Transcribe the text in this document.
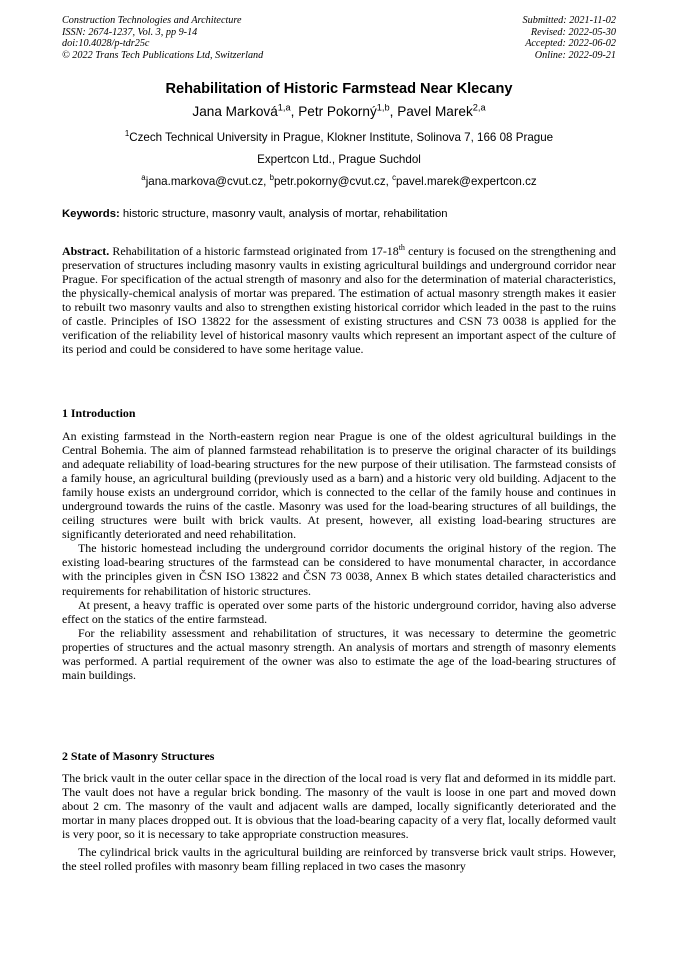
Construction Technologies and Architecture
ISSN: 2674-1237, Vol. 3, pp 9-14
doi:10.4028/p-tdr25c
© 2022 Trans Tech Publications Ltd, Switzerland
Submitted: 2021-11-02
Revised: 2022-05-30
Accepted: 2022-06-02
Online: 2022-09-21
Rehabilitation of Historic Farmstead Near Klecany
Jana Marková$^{1,a}$, Petr Pokorný$^{1,b}$, Pavel Marek$^{2,a}$
$^1$Czech Technical University in Prague, Klokner Institute, Solinova 7, 166 08 Prague
Expertcon Ltd., Prague Suchdol
$^a$jana.markova@cvut.cz, $^b$petr.pokorny@cvut.cz, $^c$pavel.marek@expertcon.cz
Keywords: historic structure, masonry vault, analysis of mortar, rehabilitation
Abstract. Rehabilitation of a historic farmstead originated from 17-18th century is focused on the strengthening and preservation of structures including masonry vaults in existing agricultural buildings and underground corridor near Prague. For specification of the actual strength of masonry and also for the determination of material characteristics, the physically-chemical analysis of mortar was prepared. The estimation of actual masonry strength makes it easier to rebuilt two masonry vaults and also to strengthen existing historical corridor which leaded in the past to the ruins of castle. Principles of ISO 13822 for the assessment of existing structures and CSN 73 0038 is applied for the verification of the reliability level of historical masonry vaults which represent an important aspect of the culture of its period and could be considered to have some heritage value.
1 Introduction

An existing farmstead in the North-eastern region near Prague is one of the oldest agricultural buildings in the Central Bohemia. The aim of planned farmstead rehabilitation is to preserve the original character of its buildings and adequate reliability of load-bearing structures for the new purpose of their utilisation. The farmstead consists of a family house, an agricultural building (previously used as a barn) and a historic very old building. Adjacent to the family house exists an underground corridor, which is connected to the cellar of the family house and continues in underground towards the ruins of the castle. Masonry was used for the load-bearing structures of all buildings, the ceiling structures were built with brick vaults. At present, however, all existing load-bearing structures are significantly deteriorated and need rehabilitation.

The historic homestead including the underground corridor documents the original history of the region. The existing load-bearing structures of the farmstead can be considered to have monumental character, in accordance with the principles given in ČSN ISO 13822 and ČSN 73 0038, Annex B which states detailed characteristics and requirements for rehabilitation of historic structures.

At present, a heavy traffic is operated over some parts of the historic underground corridor, having also adverse effect on the statics of the entire farmstead.

For the reliability assessment and rehabilitation of structures, it was necessary to determine the geometric properties of structures and the actual masonry strength. An analysis of mortars and strength of masonry elements was performed. A partial requirement of the owner was also to estimate the age of the load-bearing structures of main buildings.

2 State of Masonry Structures

The brick vault in the outer cellar space in the direction of the local road is very flat and deformed in its middle part. The vault does not have a regular brick bonding. The masonry of the vault is loose in one part and moved down about 2 cm. The masonry of the vault and adjacent walls are damped, locally significantly deteriorated and the mortar in many places dropped out. It is obvious that the load-bearing capacity of a very flat, locally deformed vault is very poor, so it is necessary to take appropriate construction measures.

The cylindrical brick vaults in the agricultural building are reinforced by transverse brick vault strips. However, the steel rolled profiles with masonry beam filling replaced in two cases the masonry
